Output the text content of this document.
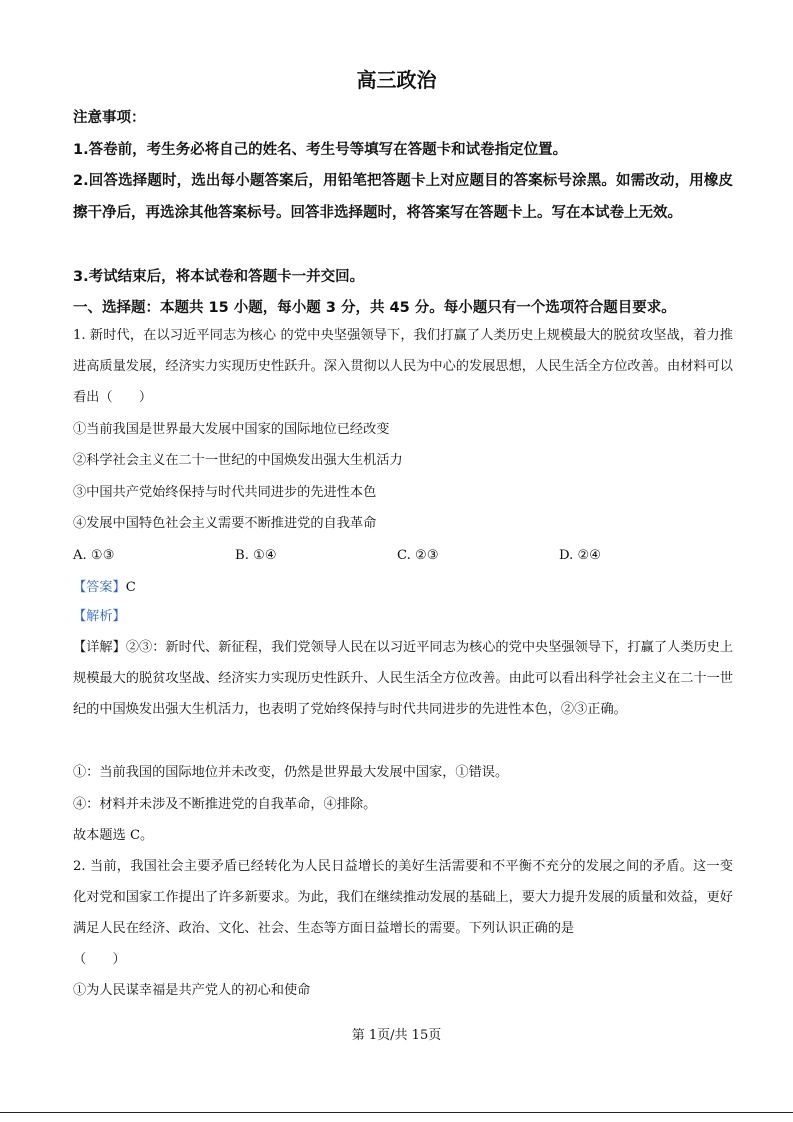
高三政治
注意事项：
1.答卷前，考生务必将自己的姓名、考生号等填写在答题卡和试卷指定位置。
2.回答选择题时，选出每小题答案后，用铅笔把答题卡上对应题目的答案标号涂黑。如需改动，用橡皮擦干净后，再选涂其他答案标号。回答非选择题时，将答案写在答题卡上。写在本试卷上无效。
3.考试结束后，将本试卷和答题卡一并交回。
一、选择题：本题共 15 小题，每小题 3 分，共 45 分。每小题只有一个选项符合题目要求。
1. 新时代，在以习近平同志为核心 的党中央坚强领导下，我们打赢了人类历史上规模最大的脱贫攻坚战，着力推进高质量发展，经济实力实现历史性跃升。深入贯彻以人民为中心的发展思想，人民生活全方位改善。由材料可以看出（　　）
①当前我国是世界最大发展中国家的国际地位已经改变
②科学社会主义在二十一世纪的中国焕发出强大生机活力
③中国共产党始终保持与时代共同进步的先进性本色
④发展中国特色社会主义需要不断推进党的自我革命
A. ①③	B. ①④	C. ②③	D. ②④
【答案】C
【解析】
【详解】②③：新时代、新征程，我们党领导人民在以习近平同志为核心的党中央坚强领导下，打赢了人类历史上规模最大的脱贫攻坚战、经济实力实现历史性跃升、人民生活全方位改善。由此可以看出科学社会主义在二十一世纪的中国焕发出强大生机活力，也表明了党始终保持与时代共同进步的先进性本色，②③正确。
①：当前我国的国际地位并未改变，仍然是世界最大发展中国家，①错误。
④：材料并未涉及不断推进党的自我革命，④排除。
故本题选 C。
2. 当前，我国社会主要矛盾已经转化为人民日益增长的美好生活需要和不平衡不充分的发展之间的矛盾。这一变化对党和国家工作提出了许多新要求。为此，我们在继续推动发展的基础上，要大力提升发展的质量和效益，更好满足人民在经济、政治、文化、社会、生态等方面日益增长的需要。下列认识正确的是
（　　）
①为人民谋幸福是共产党人的初心和使命
第 1页/共 15页
